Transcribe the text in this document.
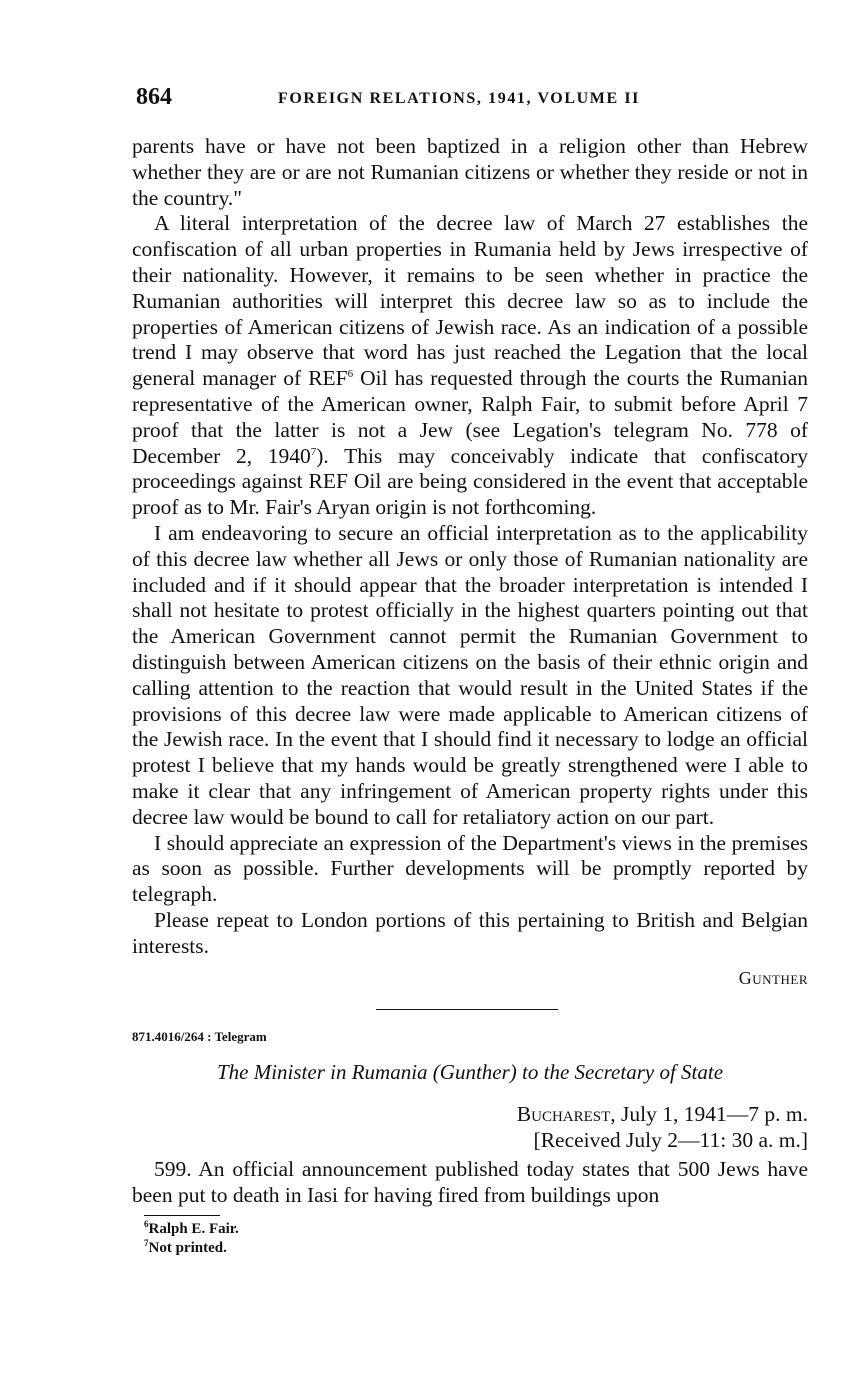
864	FOREIGN RELATIONS, 1941, VOLUME II

parents have or have not been baptized in a religion other than Hebrew whether they are or are not Rumanian citizens or whether they reside or not in the country."

A literal interpretation of the decree law of March 27 establishes the confiscation of all urban properties in Rumania held by Jews irrespective of their nationality. However, it remains to be seen whether in practice the Rumanian authorities will interpret this decree law so as to include the properties of American citizens of Jewish race. As an indication of a possible trend I may observe that word has just reached the Legation that the local general manager of REF$^6$ Oil has requested through the courts the Rumanian representative of the American owner, Ralph Fair, to submit before April 7 proof that the latter is not a Jew (see Legation's telegram No. 778 of December 2, 1940$^7$). This may conceivably indicate that confiscatory proceedings against REF Oil are being considered in the event that acceptable proof as to Mr. Fair's Aryan origin is not forthcoming.

I am endeavoring to secure an official interpretation as to the applicability of this decree law whether all Jews or only those of Rumanian nationality are included and if it should appear that the broader interpretation is intended I shall not hesitate to protest officially in the highest quarters pointing out that the American Government cannot permit the Rumanian Government to distinguish between American citizens on the basis of their ethnic origin and calling attention to the reaction that would result in the United States if the provisions of this decree law were made applicable to American citizens of the Jewish race. In the event that I should find it necessary to lodge an official protest I believe that my hands would be greatly strengthened were I able to make it clear that any infringement of American property rights under this decree law would be bound to call for retaliatory action on our part.

I should appreciate an expression of the Department's views in the premises as soon as possible. Further developments will be promptly reported by telegraph.

Please repeat to London portions of this pertaining to British and Belgian interests.

Gunther
871.4016/264 : Telegram
The Minister in Rumania (Gunther) to the Secretary of State
Bucharest, July 1, 1941—7 p. m.
[Received July 2—11: 30 a. m.]

599. An official announcement published today states that 500 Jews have been put to death in Iasi for having fired from buildings upon

$^6$Ralph E. Fair.
$^7$Not printed.
